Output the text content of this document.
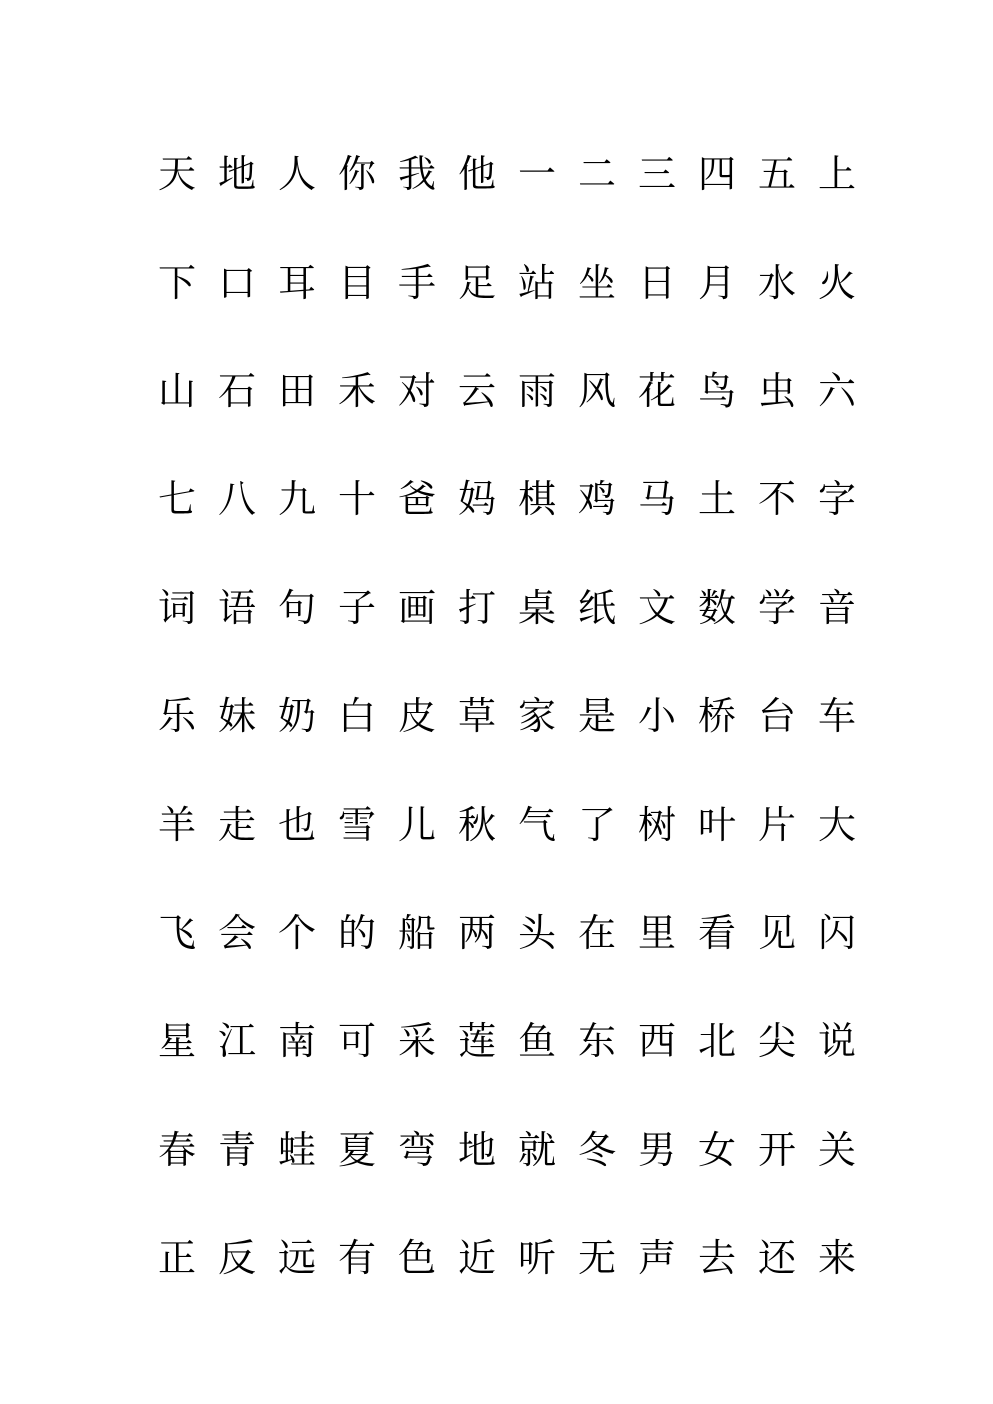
天 地 人 你 我 他 一 二 三 四 五 上
下 口 耳 目 手 足 站 坐 日 月 水 火
山 石 田 禾 对 云 雨 风 花 鸟 虫 六
七 八 九 十 爸 妈 棋 鸡 马 土 不 字
词 语 句 子 画 打 桌 纸 文 数 学 音
乐 妹 奶 白 皮 草 家 是 小 桥 台 车
羊 走 也 雪 儿 秋 气 了 树 叶 片 大
飞 会 个 的 船 两 头 在 里 看 见 闪
星 江 南 可 采 莲 鱼 东 西 北 尖 说
春 青 蛙 夏 弯 地 就 冬 男 女 开 关
正 反 远 有 色 近 听 无 声 去 还 来
